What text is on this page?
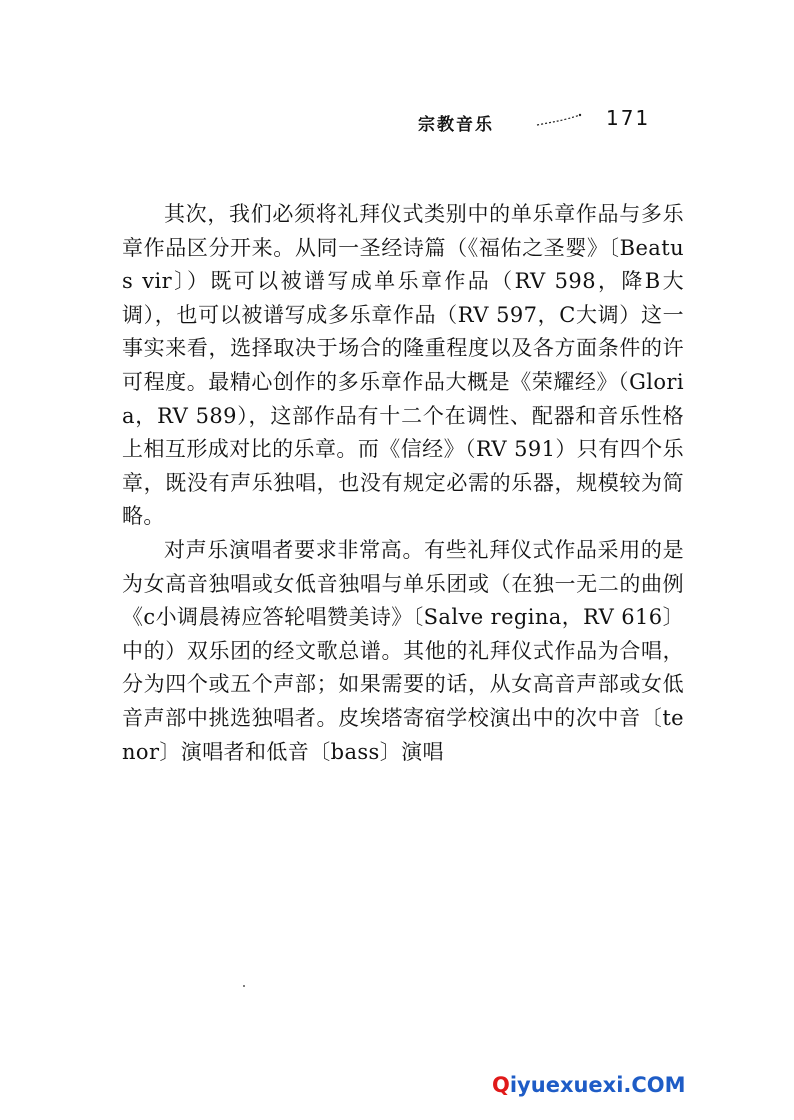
宗教音乐	171

其次，我们必须将礼拜仪式类别中的单乐章作品与多乐章作品区分开来。从同一圣经诗篇（《福佑之圣婴》〔Beatus vir〕）既可以被谱写成单乐章作品（RV 598，降B大调），也可以被谱写成多乐章作品（RV 597，C大调）这一事实来看，选择取决于场合的隆重程度以及各方面条件的许可程度。最精心创作的多乐章作品大概是《荣耀经》（Gloria，RV 589），这部作品有十二个在调性、配器和音乐性格上相互形成对比的乐章。而《信经》（RV 591）只有四个乐章，既没有声乐独唱，也没有规定必需的乐器，规模较为简略。

对声乐演唱者要求非常高。有些礼拜仪式作品采用的是为女高音独唱或女低音独唱与单乐团或（在独一无二的曲例《c小调晨祷应答轮唱赞美诗》〔Salve regina，RV 616〕中的）双乐团的经文歌总谱。其他的礼拜仪式作品为合唱，分为四个或五个声部；如果需要的话，从女高音声部或女低音声部中挑选独唱者。皮埃塔寄宿学校演出中的次中音〔tenor〕演唱者和低音〔bass〕演唱

Qiyuexuexi.COM
